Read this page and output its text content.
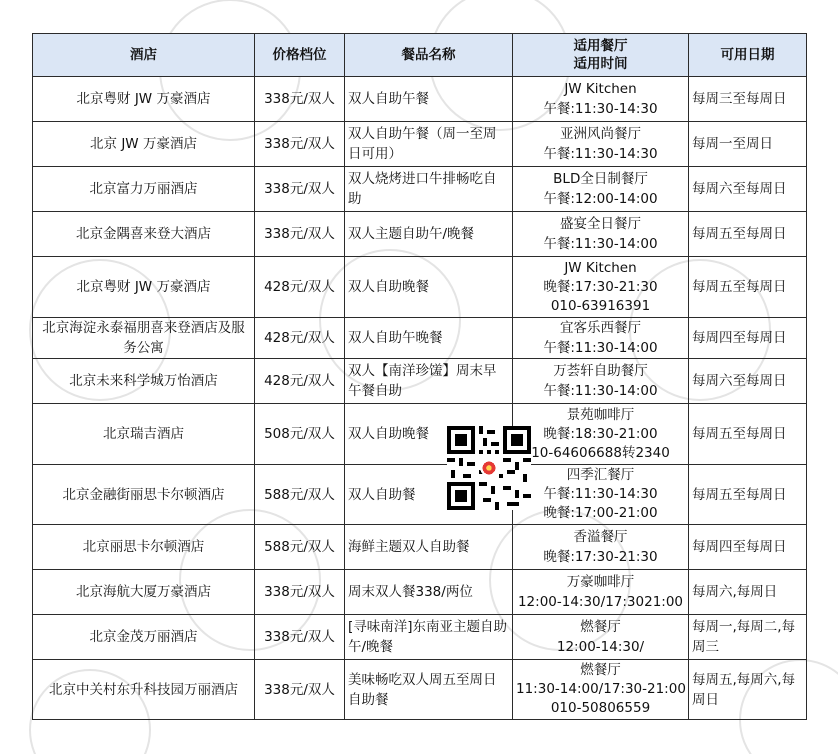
酒店	价格档位	餐品名称	适用餐厅
适用时间	可用日期
北京粤财 JW 万豪酒店	338元/双人	双人自助午餐	JW Kitchen
午餐:11:30-14:30	每周三至每周日
北京 JW 万豪酒店	338元/双人	双人自助午餐（周一至周日可用）	亚洲风尚餐厅
午餐:11:30-14:30	每周一至周日
北京富力万丽酒店	338元/双人	双人烧烤进口牛排畅吃自助	BLD全日制餐厅
午餐:12:00-14:00	每周六至每周日
北京金隅喜来登大酒店	338元/双人	双人主题自助午/晚餐	盛宴全日餐厅
午餐:11:30-14:00	每周五至每周日
北京粤财 JW 万豪酒店	428元/双人	双人自助晚餐	JW Kitchen
晚餐:17:30-21:30
010-63916391	每周五至每周日
北京海淀永泰福朋喜来登酒店及服务公寓	428元/双人	双人自助午晚餐	宜客乐西餐厅
午餐:11:30-14:00	每周四至每周日
北京未来科学城万怡酒店	428元/双人	双人【南洋珍馐】周末早午餐自助	万荟轩自助餐厅
午餐:11:30-14:00	每周六至每周日
北京瑞吉酒店	508元/双人	双人自助晚餐	景苑咖啡厅
晚餐:18:30-21:00
10-64606688转2340	每周五至每周日
北京金融街丽思卡尔顿酒店	588元/双人	双人自助餐	四季汇餐厅
午餐:11:30-14:30
晚餐:17:00-21:00	每周五至每周日
北京丽思卡尔顿酒店	588元/双人	海鲜主题双人自助餐	香溢餐厅
晚餐:17:30-21:30	每周四至每周日
北京海航大厦万豪酒店	338元/双人	周末双人餐338/两位	万豪咖啡厅
12:00-14:30/17:3021:00	每周六,每周日
北京金茂万丽酒店	338元/双人	[寻味南洋]东南亚主题自助午/晚餐	燃餐厅
12:00-14:30/	每周一,每周二,每周三
北京中关村东升科技园万丽酒店	338元/双人	美味畅吃双人周五至周日自助餐	燃餐厅
11:30-14:00/17:30-21:00
010-50806559	每周五,每周六,每周日
